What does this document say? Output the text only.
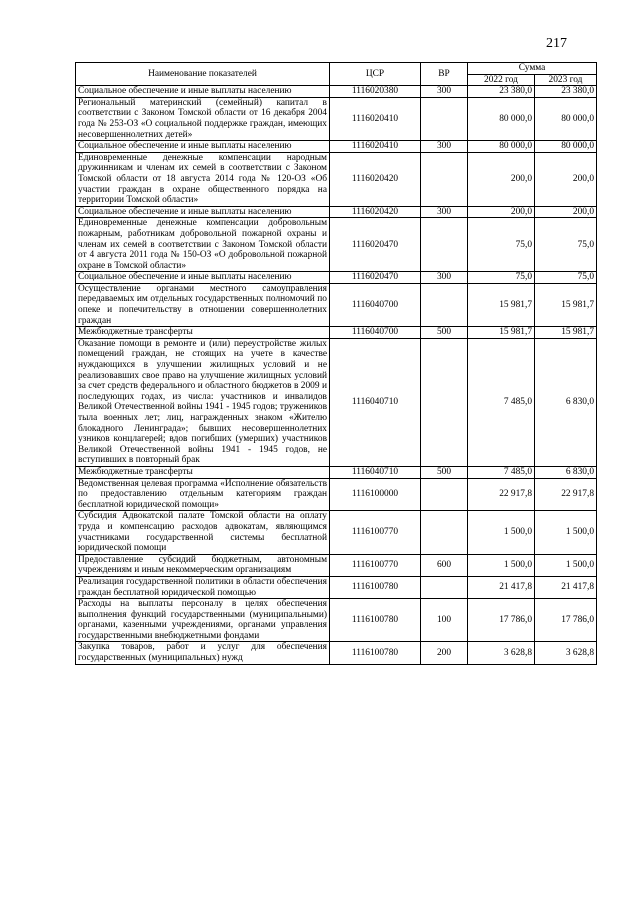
217
Наименование показателей	ЦСР	ВР	Сумма	
			2022 год	2023 год
Социальное обеспечение и иные выплаты населению	1116020380	300	23 380,0	23 380,0
Региональный материнский (семейный) капитал в соответствии с Законом Томской области от 16 декабря 2004 года № 253-ОЗ «О социальной поддержке граждан, имеющих несовершеннолетних детей»	1116020410		80 000,0	80 000,0
Социальное обеспечение и иные выплаты населению	1116020410	300	80 000,0	80 000,0
Единовременные денежные компенсации народным дружинникам и членам их семей в соответствии с Законом Томской области от 18 августа 2014 года № 120-ОЗ «Об участии граждан в охране общественного порядка на территории Томской области»	1116020420		200,0	200,0
Социальное обеспечение и иные выплаты населению	1116020420	300	200,0	200,0
Единовременные денежные компенсации добровольным пожарным, работникам добровольной пожарной охраны и членам их семей в соответствии с Законом Томской области от 4 августа 2011 года № 150-ОЗ «О добровольной пожарной охране в Томской области»	1116020470		75,0	75,0
Социальное обеспечение и иные выплаты населению	1116020470	300	75,0	75,0
Осуществление органами местного самоуправления передаваемых им отдельных государственных полномочий по опеке и попечительству в отношении совершеннолетних граждан	1116040700		15 981,7	15 981,7
Межбюджетные трансферты	1116040700	500	15 981,7	15 981,7
Оказание помощи в ремонте и (или) переустройстве жилых помещений граждан, не стоящих на учете в качестве нуждающихся в улучшении жилищных условий и не реализовавших свое право на улучшение жилищных условий за счет средств федерального и областного бюджетов в 2009 и последующих годах, из числа: участников и инвалидов Великой Отечественной войны 1941 - 1945 годов; тружеников тыла военных лет; лиц, награжденных знаком «Жителю блокадного Ленинграда»; бывших несовершеннолетних узников концлагерей; вдов погибших (умерших) участников Великой Отечественной войны 1941 - 1945 годов, не вступивших в повторный брак	1116040710		7 485,0	6 830,0
Межбюджетные трансферты	1116040710	500	7 485,0	6 830,0
Ведомственная целевая программа «Исполнение обязательств по предоставлению отдельным категориям граждан бесплатной юридической помощи»	1116100000		22 917,8	22 917,8
Субсидия Адвокатской палате Томской области на оплату труда и компенсацию расходов адвокатам, являющимся участниками государственной системы бесплатной юридической помощи	1116100770		1 500,0	1 500,0
Предоставление субсидий бюджетным, автономным учреждениям и иным некоммерческим организациям	1116100770	600	1 500,0	1 500,0
Реализация государственной политики в области обеспечения граждан бесплатной юридической помощью	1116100780		21 417,8	21 417,8
Расходы на выплаты персоналу в целях обеспечения выполнения функций государственными (муниципальными) органами, казенными учреждениями, органами управления государственными внебюджетными фондами	1116100780	100	17 786,0	17 786,0
Закупка товаров, работ и услуг для обеспечения государственных (муниципальных) нужд	1116100780	200	3 628,8	3 628,8
